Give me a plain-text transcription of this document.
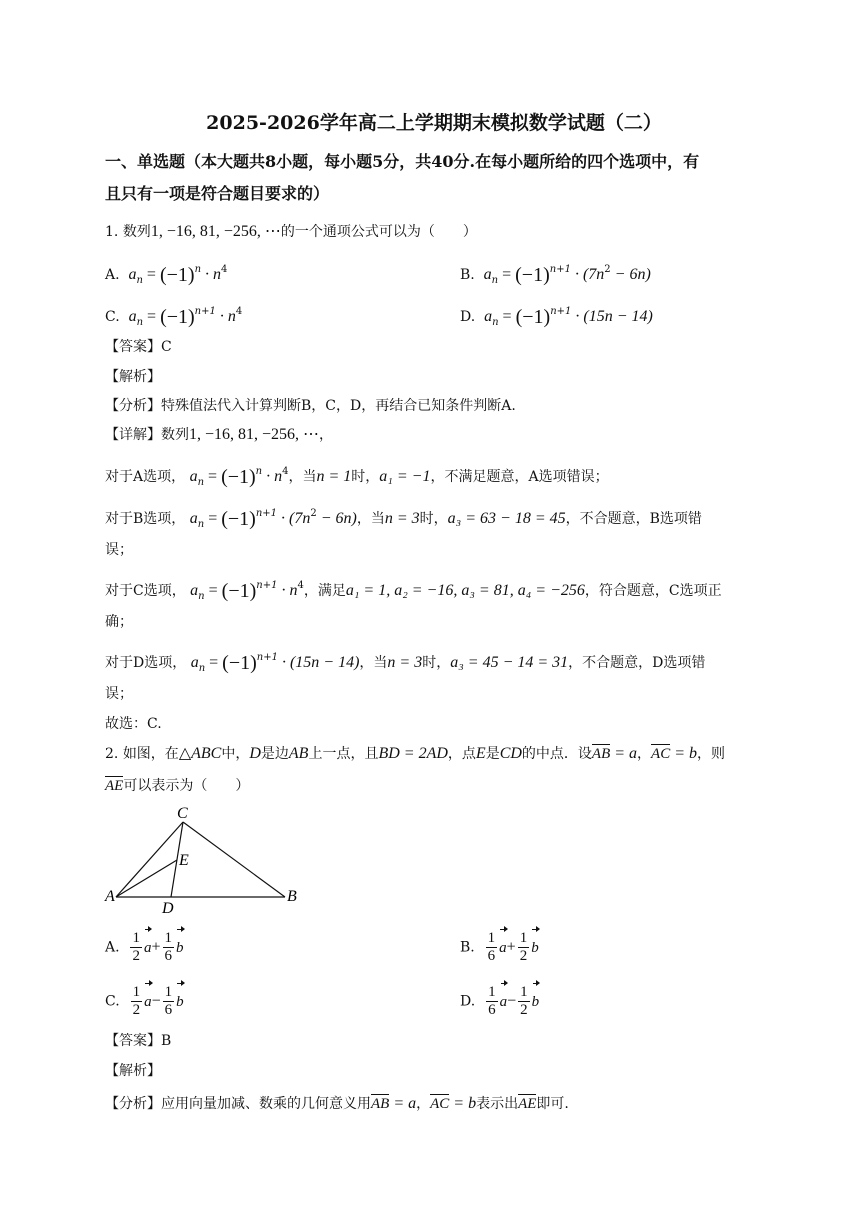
2025-2026学年高二上学期期末模拟数学试题（二）
一、单选题（本大题共8小题，每小题5分，共40分.在每小题所给的四个选项中，有
且只有一项是符合题目要求的）
1. 数列1, −16, 81, −256, ⋯的一个通项公式可以为（　　）
A. $a_n = (-1)^n \cdot n^4$	B. $a_n = (-1)^{n+1} \cdot (7n^2 - 6n)$
C. $a_n = (-1)^{n+1} \cdot n^4$	D. $a_n = (-1)^{n+1} \cdot (15n - 14)$
【答案】C
【解析】
【分析】特殊值法代入计算判断B，C，D，再结合已知条件判断A.
【详解】数列1, −16, 81, −256, ⋯，
对于A选项， $a_n = (-1)^n \cdot n^4$，当n = 1时，a₁ = −1，不满足题意，A选项错误；
对于B选项， $a_n = (-1)^{n+1} \cdot (7n^2 - 6n)$，当n = 3时，a₃ = 63 − 18 = 45，不合题意，B选项错
误；
对于C选项， $a_n = (-1)^{n+1} \cdot n^4$，满足a₁ = 1, a₂ = −16, a₃ = 81, a₄ = −256，符合题意，C选项正
确；
对于D选项， $a_n = (-1)^{n+1} \cdot (15n - 14)$，当n = 3时，a₃ = 45 − 14 = 31，不合题意，D选项错
误；
故选：C.
2. 如图，在△ABC中，D是边AB上一点，且BD = 2AD，点E是CD的中点．设AB = a，AC = b，则
AE可以表示为（　　）
C
E
A
D
B
A. $\frac{1}{2} a+ \frac{1}{6}$ b	B. $\frac{1}{6} a+ \frac{1}{2}$ b
C. $\frac{1}{2} a- \frac{1}{6}$ b	D. $\frac{1}{6} a- \frac{1}{2}$ b
【答案】B
【解析】
【分析】应用向量加减、数乘的几何意义用AB = a，AC = b表示出AE即可.
